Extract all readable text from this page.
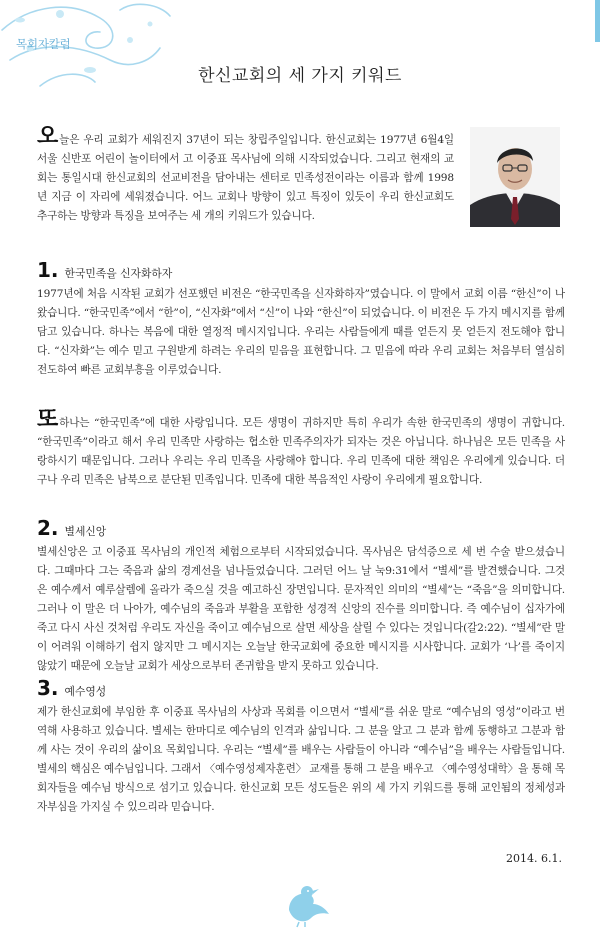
목회자칼럼
한신교회의 세 가지 키워드

오늘은 우리 교회가 세워진지 37년이 되는 창립주일입니다. 한신교회는 1977년 6월4일 서울 신반포 어린이 놀이터에서 고 이중표 목사님에 의해 시작되었습니다. 그리고 현재의 교회는 통일시대 한신교회의 선교비전을 담아내는 센터로 민족성전이라는 이름과 함께 1998년 지금 이 자리에 세워졌습니다. 어느 교회나 방향이 있고 특징이 있듯이 우리 한신교회도 추구하는 방향과 특징을 보여주는 세 개의 키워드가 있습니다.

1. 한국민족을 신자화하자

1977년에 처음 시작된 교회가 선포했던 비전은 “한국민족을 신자화하자”였습니다. 이 말에서 교회 이름 “한신”이 나왔습니다. “한국민족”에서 “한”이, “신자화”에서 “신”이 나와 “한신”이 되었습니다. 이 비전은 두 가지 메시지를 함께 담고 있습니다. 하나는 복음에 대한 열정적 메시지입니다. 우리는 사람들에게 때를 얻든지 못 얻든지 전도해야 합니다. “신자화”는 예수 믿고 구원받게 하려는 우리의 믿음을 표현합니다. 그 믿음에 따라 우리 교회는 처음부터 열심히 전도하여 빠른 교회부흥을 이루었습니다.

또하나는 “한국민족”에 대한 사랑입니다. 모든 생명이 귀하지만 특히 우리가 속한 한국민족의 생명이 귀합니다. “한국민족”이라고 해서 우리 민족만 사랑하는 협소한 민족주의자가 되자는 것은 아닙니다. 하나님은 모든 민족을 사랑하시기 때문입니다. 그러나 우리는 우리 민족을 사랑해야 합니다. 우리 민족에 대한 책임은 우리에게 있습니다. 더구나 우리 민족은 남북으로 분단된 민족입니다. 민족에 대한 복음적인 사랑이 우리에게 필요합니다.

2. 별세신앙

별세신앙은 고 이중표 목사님의 개인적 체험으로부터 시작되었습니다. 목사님은 담석증으로 세 번 수술 받으셨습니다. 그때마다 그는 죽음과 삶의 경계선을 넘나들었습니다. 그러던 어느 날 눅9:31에서 “별세”를 발견했습니다. 그것은 예수께서 예루살렘에 올라가 죽으실 것을 예고하신 장면입니다. 문자적인 의미의 “별세”는 “죽음”을 의미합니다. 그러나 이 말은 더 나아가, 예수님의 죽음과 부활을 포함한 성경적 신앙의 진수를 의미합니다. 즉 예수님이 십자가에 죽고 다시 사신 것처럼 우리도 자신을 죽이고 예수님으로 살면 세상을 살릴 수 있다는 것입니다(갈2:22). “별세”란 말이 어려워 이해하기 쉽지 않지만 그 메시지는 오늘날 한국교회에 중요한 메시지를 시사합니다. 교회가 ‘나’를 죽이지 않았기 때문에 오늘날 교회가 세상으로부터 존귀함을 받지 못하고 있습니다.

3. 예수영성

제가 한신교회에 부임한 후 이중표 목사님의 사상과 목회를 이으면서 “별세”를 쉬운 말로 “예수님의 영성”이라고 번역해 사용하고 있습니다. 별세는 한마디로 예수님의 인격과 삶입니다. 그 분을 알고 그 분과 함께 동행하고 그분과 함께 사는 것이 우리의 삶이요 목회입니다. 우리는 “별세”를 배우는 사람들이 아니라 “예수님”을 배우는 사람들입니다. 별세의 핵심은 예수님입니다. 그래서 〈예수영성제자훈련〉 교재를 통해 그 분을 배우고 〈예수영성대학〉을 통해 목회자들을 예수님 방식으로 섬기고 있습니다. 한신교회 모든 성도들은 위의 세 가지 키워드를 통해 교인됨의 정체성과 자부심을 가지실 수 있으리라 믿습니다.

2014. 6.1.
